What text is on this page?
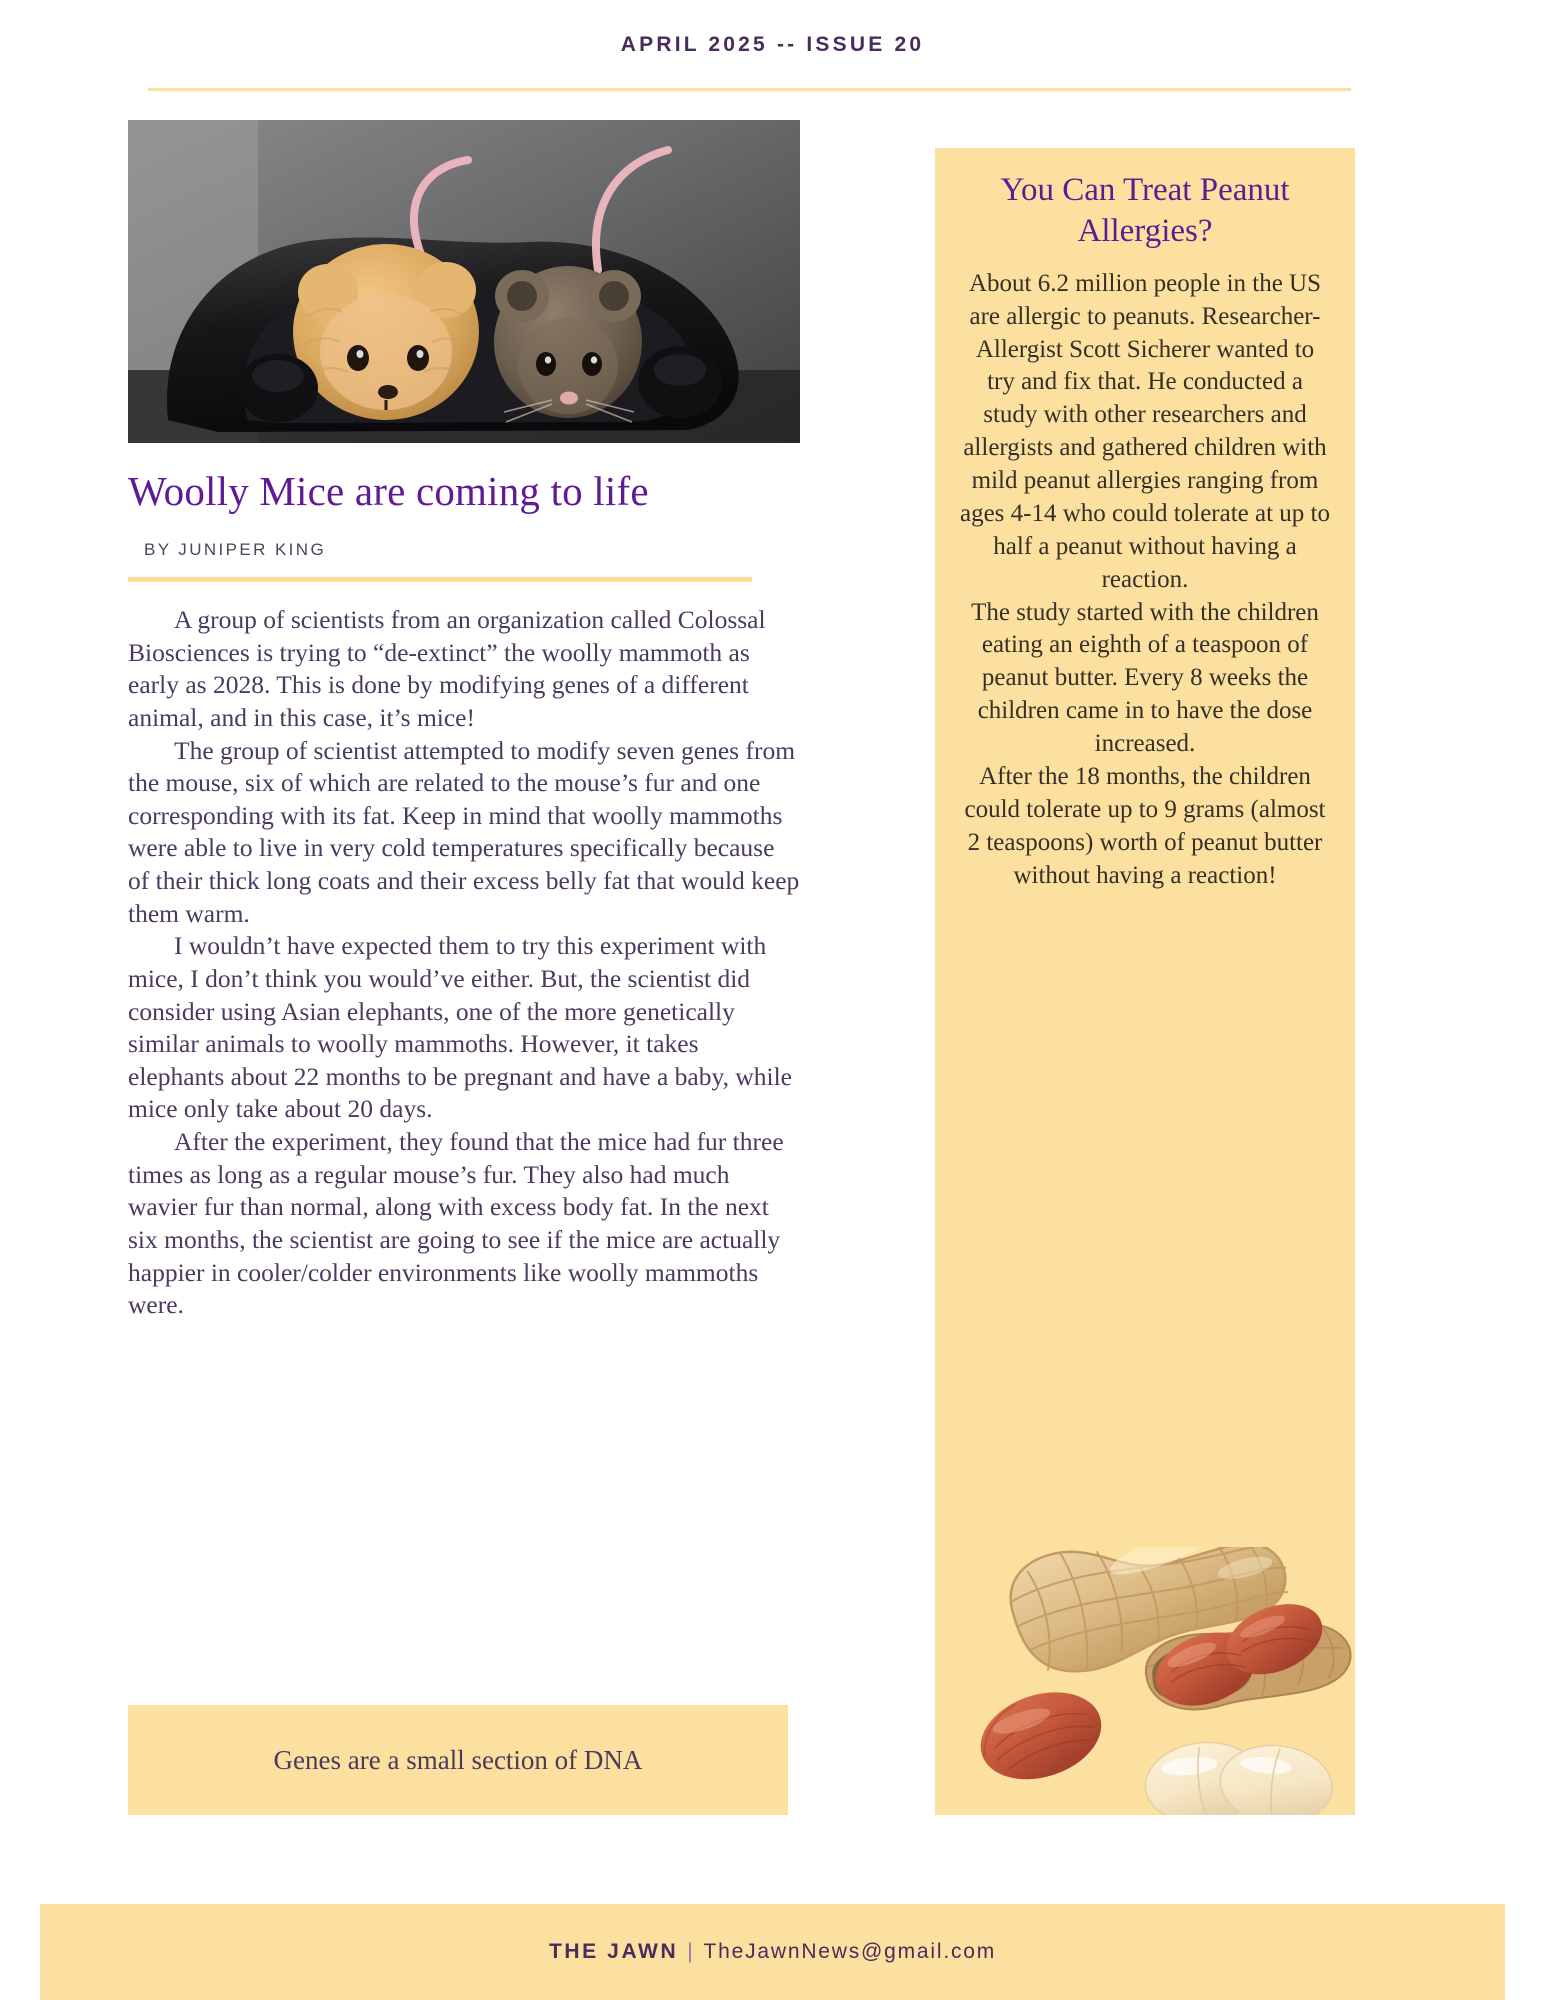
APRIL 2025 -- ISSUE 20
Woolly Mice are coming to life
BY JUNIPER KING

A group of scientists from an organization called Colossal Biosciences is trying to “de-extinct” the woolly mammoth as early as 2028. This is done by modifying genes of a different animal, and in this case, it’s mice!

The group of scientist attempted to modify seven genes from the mouse, six of which are related to the mouse’s fur and one corresponding with its fat. Keep in mind that woolly mammoths were able to live in very cold temperatures specifically because of their thick long coats and their excess belly fat that would keep them warm.

I wouldn’t have expected them to try this experiment with mice, I don’t think you would’ve either. But, the scientist did consider using Asian elephants, one of the more genetically similar animals to woolly mammoths. However, it takes elephants about 22 months to be pregnant and have a baby, while mice only take about 20 days.

After the experiment, they found that the mice had fur three times as long as a regular mouse’s fur. They also had much wavier fur than normal, along with excess body fat. In the next six months, the scientist are going to see if the mice are actually happier in cooler/colder environments like woolly mammoths were.

Genes are a small section of DNA
You Can Treat Peanut Allergies?

About 6.2 million people in the US are allergic to peanuts. Researcher-Allergist Scott Sicherer wanted to try and fix that. He conducted a study with other researchers and allergists and gathered children with mild peanut allergies ranging from ages 4-14 who could tolerate at up to half a peanut without having a reaction.

The study started with the children eating an eighth of a teaspoon of peanut butter. Every 8 weeks the children came in to have the dose increased.

After the 18 months, the children could tolerate up to 9 grams (almost 2 teaspoons) worth of peanut butter without having a reaction!

THE JAWN | TheJawnNews@gmail.com
